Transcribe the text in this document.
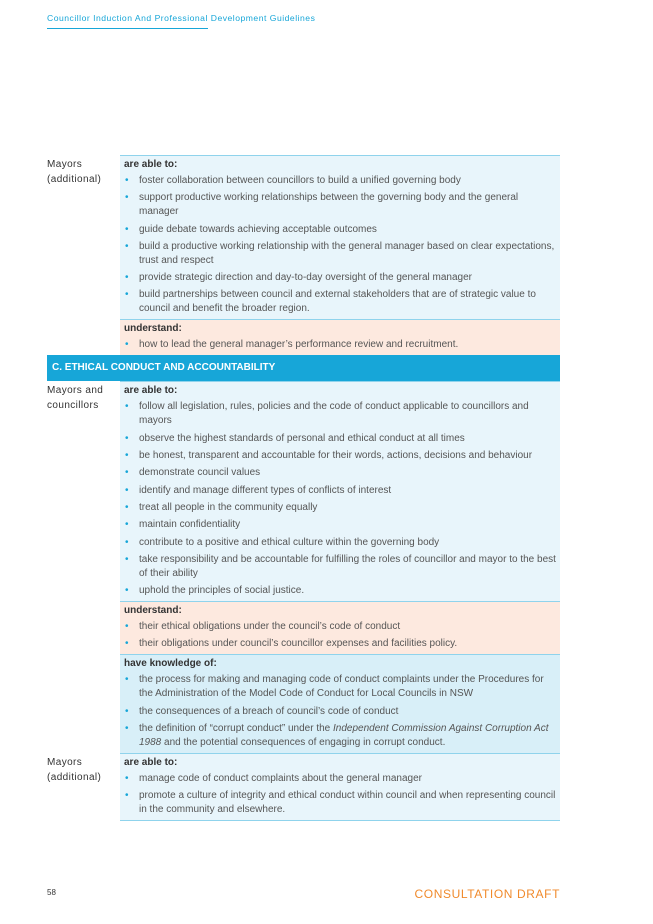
Councillor Induction And Professional Development Guidelines
Mayors
(additional)
are able to:
• foster collaboration between councillors to build a unified governing body
• support productive working relationships between the governing body and the general manager
• guide debate towards achieving acceptable outcomes
• build a productive working relationship with the general manager based on clear expectations, trust and respect
• provide strategic direction and day-to-day oversight of the general manager
• build partnerships between council and external stakeholders that are of strategic value to council and benefit the broader region.
understand:
• how to lead the general manager’s performance review and recruitment.
C. ETHICAL CONDUCT AND ACCOUNTABILITY
Mayors and
councillors
are able to:
• follow all legislation, rules, policies and the code of conduct applicable to councillors and mayors
• observe the highest standards of personal and ethical conduct at all times
• be honest, transparent and accountable for their words, actions, decisions and behaviour
• demonstrate council values
• identify and manage different types of conflicts of interest
• treat all people in the community equally
• maintain confidentiality
• contribute to a positive and ethical culture within the governing body
• take responsibility and be accountable for fulfilling the roles of councillor and mayor to the best of their ability
• uphold the principles of social justice.
understand:
• their ethical obligations under the council’s code of conduct
• their obligations under council’s councillor expenses and facilities policy.
have knowledge of:
• the process for making and managing code of conduct complaints under the Procedures for the Administration of the Model Code of Conduct for Local Councils in NSW
• the consequences of a breach of council’s code of conduct
• the definition of “corrupt conduct” under the Independent Commission Against Corruption Act 1988 and the potential consequences of engaging in corrupt conduct.
Mayors
(additional)
are able to:
• manage code of conduct complaints about the general manager
• promote a culture of integrity and ethical conduct within council and when representing council in the community and elsewhere.
58	CONSULTATION DRAFT
